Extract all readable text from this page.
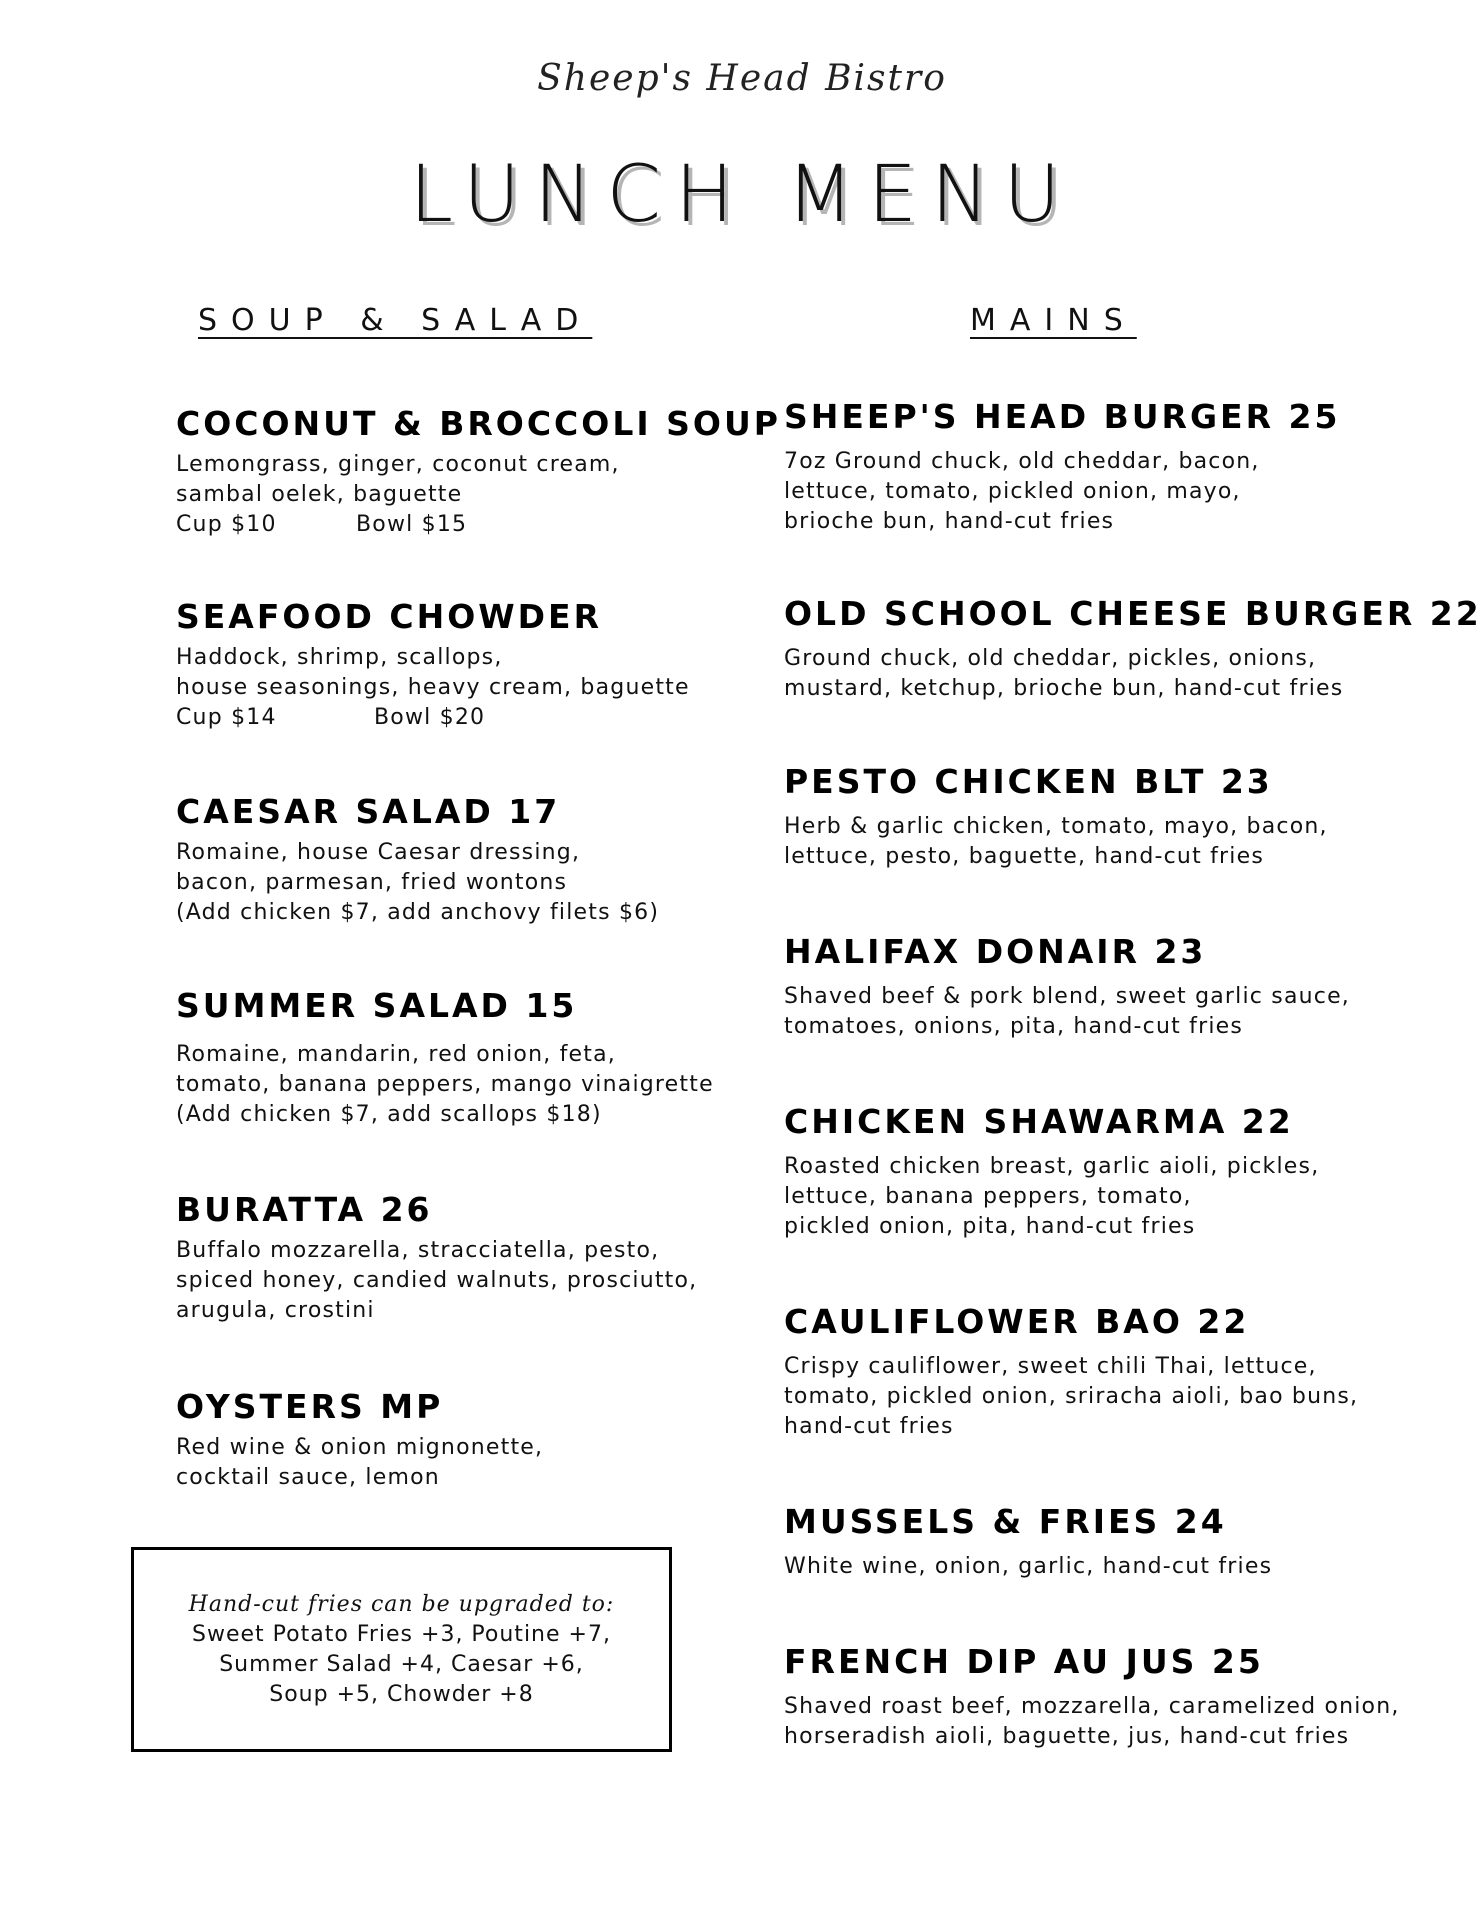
Sheep's Head Bistro
LUNCH MENU
SOUP & SALAD	MAINS
COCONUT & BROCCOLI SOUP
Lemongrass, ginger, coconut cream,
sambal oelek, baguette
Cup $10	Bowl $15
SEAFOOD CHOWDER
Haddock, shrimp, scallops,
house seasonings, heavy cream, baguette
Cup $14	Bowl $20
CAESAR SALAD 17
Romaine, house Caesar dressing,
bacon, parmesan, fried wontons
(Add chicken $7, add anchovy filets $6)
SUMMER SALAD 15
Romaine, mandarin, red onion, feta,
tomato, banana peppers, mango vinaigrette
(Add chicken $7, add scallops $18)
BURATTA 26
Buffalo mozzarella, stracciatella, pesto,
spiced honey, candied walnuts, prosciutto,
arugula, crostini
OYSTERS MP
Red wine & onion mignonette,
cocktail sauce, lemon
SHEEP'S HEAD BURGER 25
7oz Ground chuck, old cheddar, bacon,
lettuce, tomato, pickled onion, mayo,
brioche bun, hand-cut fries
OLD SCHOOL CHEESE BURGER 22
Ground chuck, old cheddar, pickles, onions,
mustard, ketchup, brioche bun, hand-cut fries
PESTO CHICKEN BLT 23
Herb & garlic chicken, tomato, mayo, bacon,
lettuce, pesto, baguette, hand-cut fries
HALIFAX DONAIR 23
Shaved beef & pork blend, sweet garlic sauce,
tomatoes, onions, pita, hand-cut fries
CHICKEN SHAWARMA 22
Roasted chicken breast, garlic aioli, pickles,
lettuce, banana peppers, tomato,
pickled onion, pita, hand-cut fries
CAULIFLOWER BAO 22
Crispy cauliflower, sweet chili Thai, lettuce,
tomato, pickled onion, sriracha aioli, bao buns,
hand-cut fries
MUSSELS & FRIES 24
White wine, onion, garlic, hand-cut fries
FRENCH DIP AU JUS 25
Shaved roast beef, mozzarella, caramelized onion,
horseradish aioli, baguette, jus, hand-cut fries
Hand-cut fries can be upgraded to:
Sweet Potato Fries +3, Poutine +7,
Summer Salad +4, Caesar +6,
Soup +5, Chowder +8
